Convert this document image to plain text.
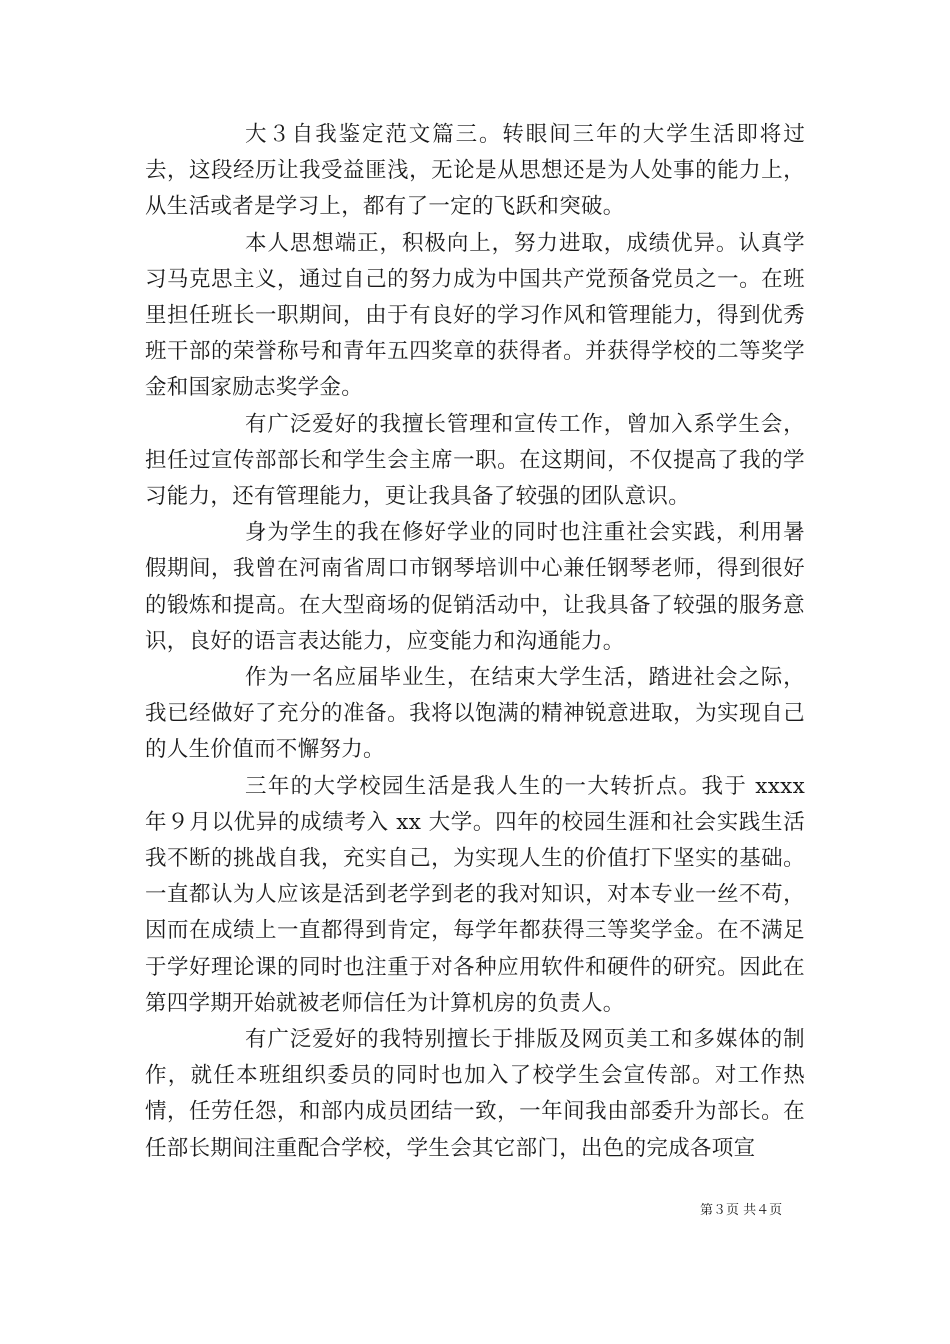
大３自我鉴定范文篇三。转眼间三年的大学生活即将过去，这段经历让我受益匪浅，无论是从思想还是为人处事的能力上，从生活或者是学习上，都有了一定的飞跃和突破。

本人思想端正，积极向上，努力进取，成绩优异。认真学习马克思主义，通过自己的努力成为中国共产党预备党员之一。在班里担任班长一职期间，由于有良好的学习作风和管理能力，得到优秀班干部的荣誉称号和青年五四奖章的获得者。并获得学校的二等奖学金和国家励志奖学金。

有广泛爱好的我擅长管理和宣传工作，曾加入系学生会，担任过宣传部部长和学生会主席一职。在这期间，不仅提高了我的学习能力，还有管理能力，更让我具备了较强的团队意识。

身为学生的我在修好学业的同时也注重社会实践，利用暑假期间，我曾在河南省周口市钢琴培训中心兼任钢琴老师，得到很好的锻炼和提高。在大型商场的促销活动中，让我具备了较强的服务意识，良好的语言表达能力，应变能力和沟通能力。

作为一名应届毕业生，在结束大学生活，踏进社会之际，我已经做好了充分的准备。我将以饱满的精神锐意进取，为实现自己的人生价值而不懈努力。

三年的大学校园生活是我人生的一大转折点。我于 xxxx 年９月以优异的成绩考入 xx 大学。四年的校园生涯和社会实践生活我不断的挑战自我，充实自己，为实现人生的价值打下坚实的基础。一直都认为人应该是活到老学到老的我对知识，对本专业一丝不苟，因而在成绩上一直都得到肯定，每学年都获得三等奖学金。在不满足于学好理论课的同时也注重于对各种应用软件和硬件的研究。因此在第四学期开始就被老师信任为计算机房的负责人。

有广泛爱好的我特别擅长于排版及网页美工和多媒体的制作，就任本班组织委员的同时也加入了校学生会宣传部。对工作热情，任劳任怨，和部内成员团结一致，一年间我由部委升为部长。在任部长期间注重配合学校，学生会其它部门，出色的完成各项宣

第３页 共４页
